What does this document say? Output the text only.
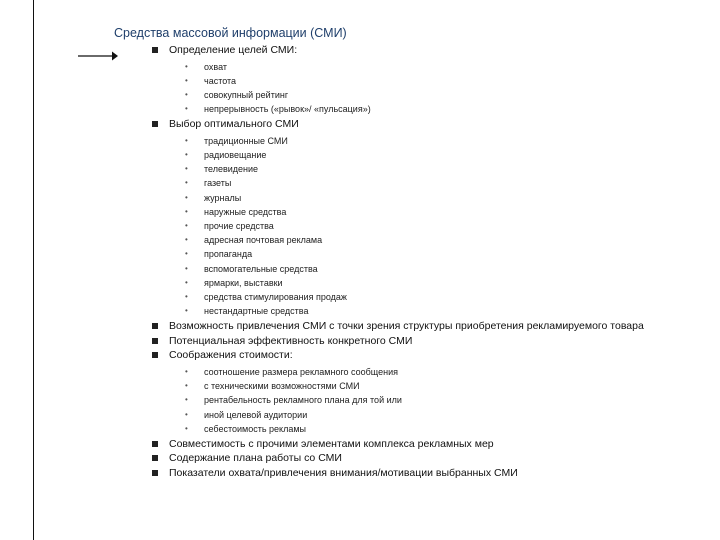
Средства массовой информации (СМИ)
Определение целей СМИ:
• охват
• частота
• совокупный рейтинг
• непрерывность («рывок»/ «пульсация»)
Выбор оптимального СМИ
• традиционные СМИ
• радиовещание
• телевидение
• газеты
• журналы
• наружные средства
• прочие средства
• адресная почтовая реклама
• пропаганда
• вспомогательные средства
• ярмарки, выставки
• средства стимулирования продаж
• нестандартные средства
Возможность привлечения СМИ с точки зрения структуры приобретения рекламируемого товара
Потенциальная эффективность конкретного СМИ
Соображения стоимости:
• соотношение размера рекламного сообщения
• с техническими возможностями СМИ
• рентабельность рекламного плана для той или
• иной целевой аудитории
• себестоимость рекламы
Совместимость с прочими элементами комплекса рекламных мер
Содержание плана работы со СМИ
Показатели охвата/привлечения внимания/мотивации выбранных СМИ
